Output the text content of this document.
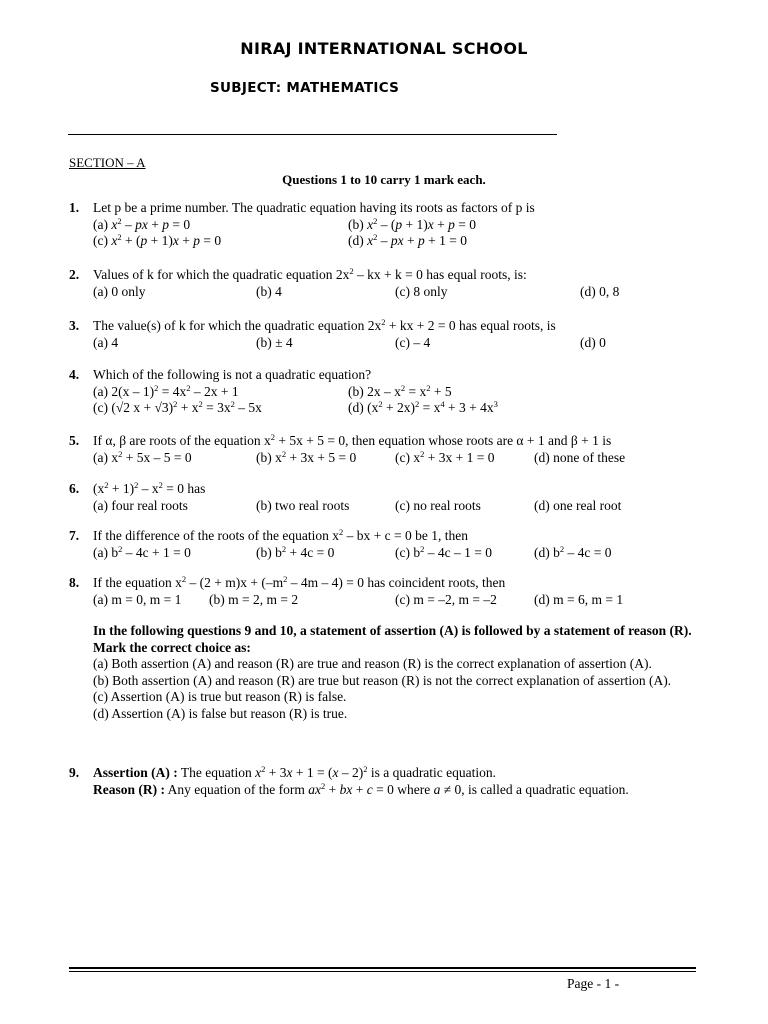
NIRAJ INTERNATIONAL SCHOOL
SUBJECT: MATHEMATICS
SECTION – A
Questions 1 to 10 carry 1 mark each.
1. Let p be a prime number. The quadratic equation having its roots as factors of p is
(a) $x^2$ – px + p = 0	(b) $x^2 - (p + 1)x + p = 0$
(c) $x^2 + (p + 1)x + p = 0$	(d) $x^2$ – px + p + 1 = 0
2. Values of k for which the quadratic equation $2x^2$ – kx + k = 0 has equal roots, is:
(a) 0 only	(b) 4	(c) 8 only	(d) 0, 8
3. The value(s) of k for which the quadratic equation $2x^2$ + kx + 2 = 0 has equal roots, is
(a) 4	(b) ± 4	(c) – 4	(d) 0
4. Which of the following is not a quadratic equation?
(a) $2(x - 1)^2 = 4x^2 - 2x + 1$	(b) $2x - x^2 = x^2 + 5$
(c) (√2 $x + √3)^2 + x^2 = 3x^2 - 5x$	(d) $(x^2 + 2x)^2 = x^4 + 3 + 4x^3$
5. If α, β are roots of the equation $x^2 + 5x + 5 = 0$, then equation whose roots are α + 1 and β + 1 is
(a) $x^2 + 5x - 5 = 0$	(b) $x^2 + 3x + 5 = 0$	(c) $x^2 + 3x + 1 = 0$	(d) none of these
6. $(x^2 + 1)^2 - x^2 = 0$ has
(a) four real roots	(b) two real roots	(c) no real roots	(d) one real root
7. If the difference of the roots of the equation $x^2$ – bx + c = 0 be 1, then
(a) $b^2 - 4c + 1 = 0$	(b) $b^2 + 4c = 0$	(c) $b^2 - 4c - 1 = 0$	(d) $b^2 - 4c = 0$
8. If the equation $x^2 - (2 + m)x + (-m^2 - 4m - 4) = 0$ has coincident roots, then
(a) m = 0, m = 1 (b) m = 2, m = 2	(c) m = –2, m = –2	(d) m = 6, m = 1
In the following questions 9 and 10, a statement of assertion (A) is followed by a statement of reason (R). Mark the correct choice as:
(a) Both assertion (A) and reason (R) are true and reason (R) is the correct explanation of assertion (A).
(b) Both assertion (A) and reason (R) are true but reason (R) is not the correct explanation of assertion (A).
(c) Assertion (A) is true but reason (R) is false.
(d) Assertion (A) is false but reason (R) is true.
9. Assertion (A) : The equation $x^2 + 3x + 1 = (x - 2)^2$ is a quadratic equation.
Reason (R) : Any equation of the form $ax^2$ + bx + c = 0 where a ≠ 0, is called a quadratic equation.
Page - 1 -
